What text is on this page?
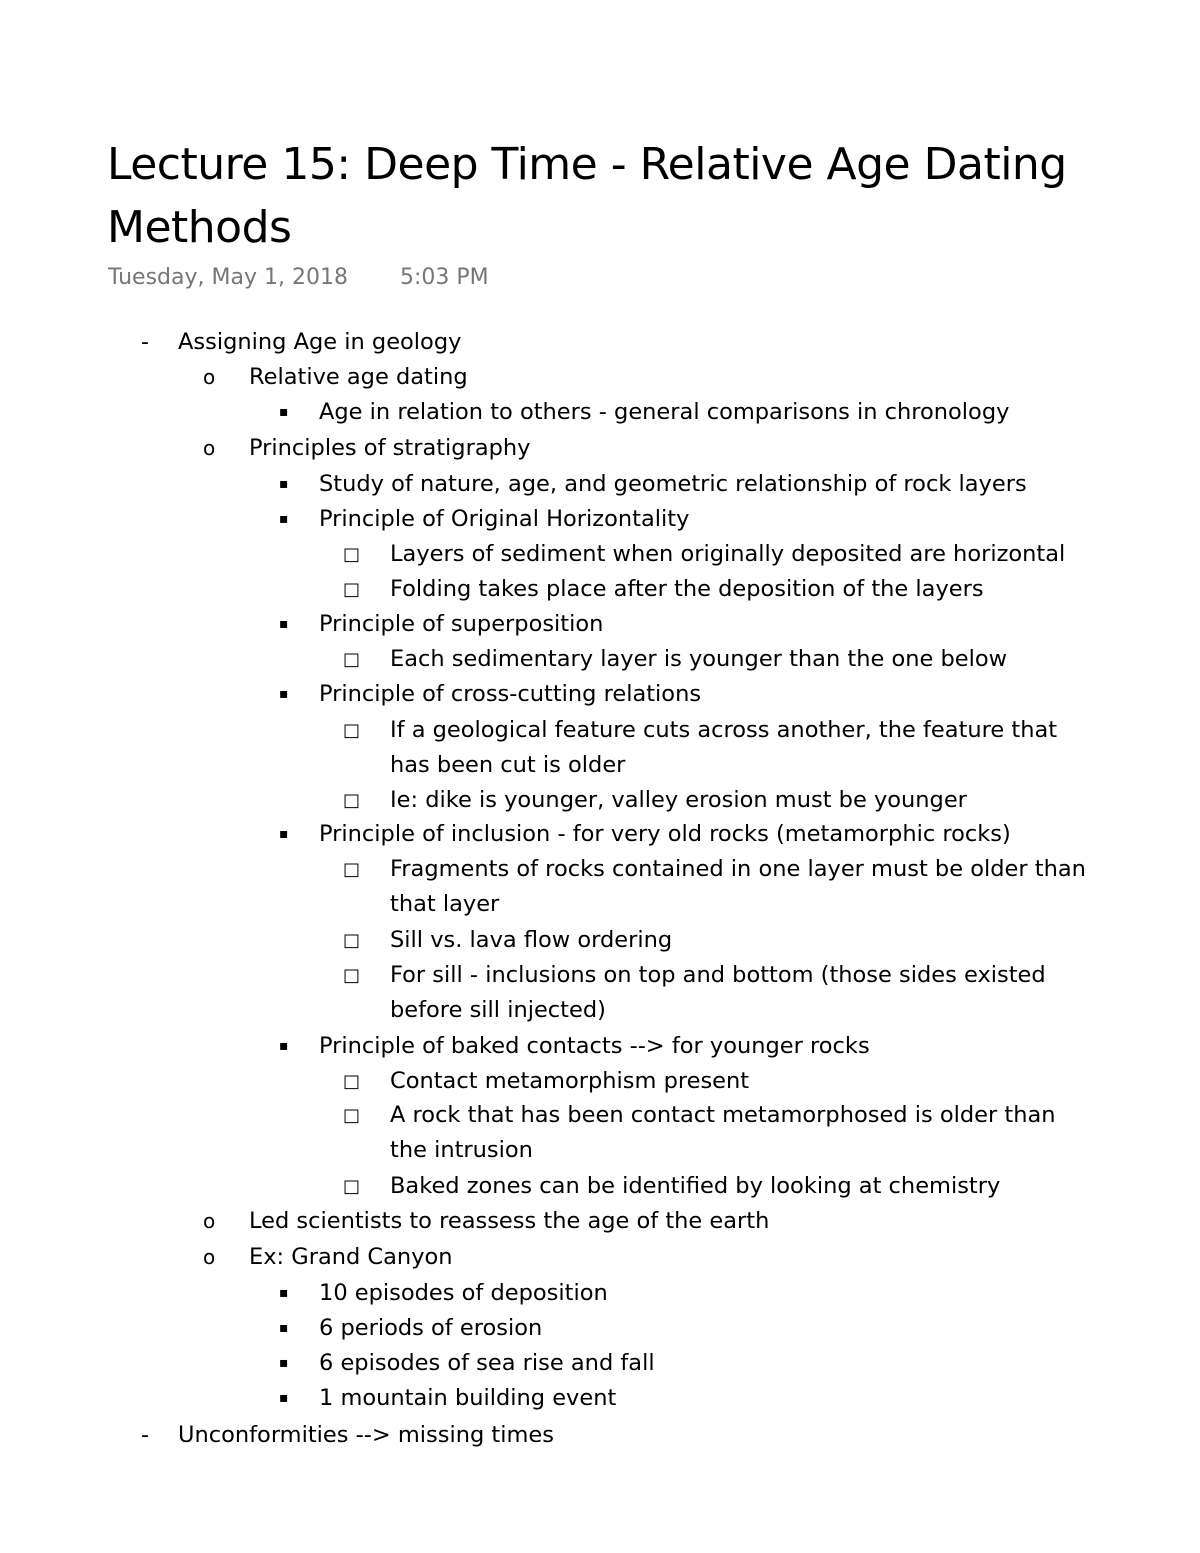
Lecture 15: Deep Time - Relative Age Dating Methods
Tuesday, May 1, 2018 5:03 PM
- Assigning Age in geology
o Relative age dating
▪ Age in relation to others - general comparisons in chronology
o Principles of stratigraphy
▪ Study of nature, age, and geometric relationship of rock layers
▪ Principle of Original Horizontality
□ Layers of sediment when originally deposited are horizontal
□ Folding takes place after the deposition of the layers
▪ Principle of superposition
□ Each sedimentary layer is younger than the one below
▪ Principle of cross-cutting relations
□ If a geological feature cuts across another, the feature that
has been cut is older
□ Ie: dike is younger, valley erosion must be younger
▪ Principle of inclusion - for very old rocks (metamorphic rocks)
□ Fragments of rocks contained in one layer must be older than
that layer
□ Sill vs. lava flow ordering
□ For sill - inclusions on top and bottom (those sides existed
before sill injected)
▪ Principle of baked contacts --> for younger rocks
□ Contact metamorphism present
□ A rock that has been contact metamorphosed is older than
the intrusion
□ Baked zones can be identified by looking at chemistry
o Led scientists to reassess the age of the earth
o Ex: Grand Canyon
▪ 10 episodes of deposition
▪ 6 periods of erosion
▪ 6 episodes of sea rise and fall
▪ 1 mountain building event
- Unconformities --> missing times
